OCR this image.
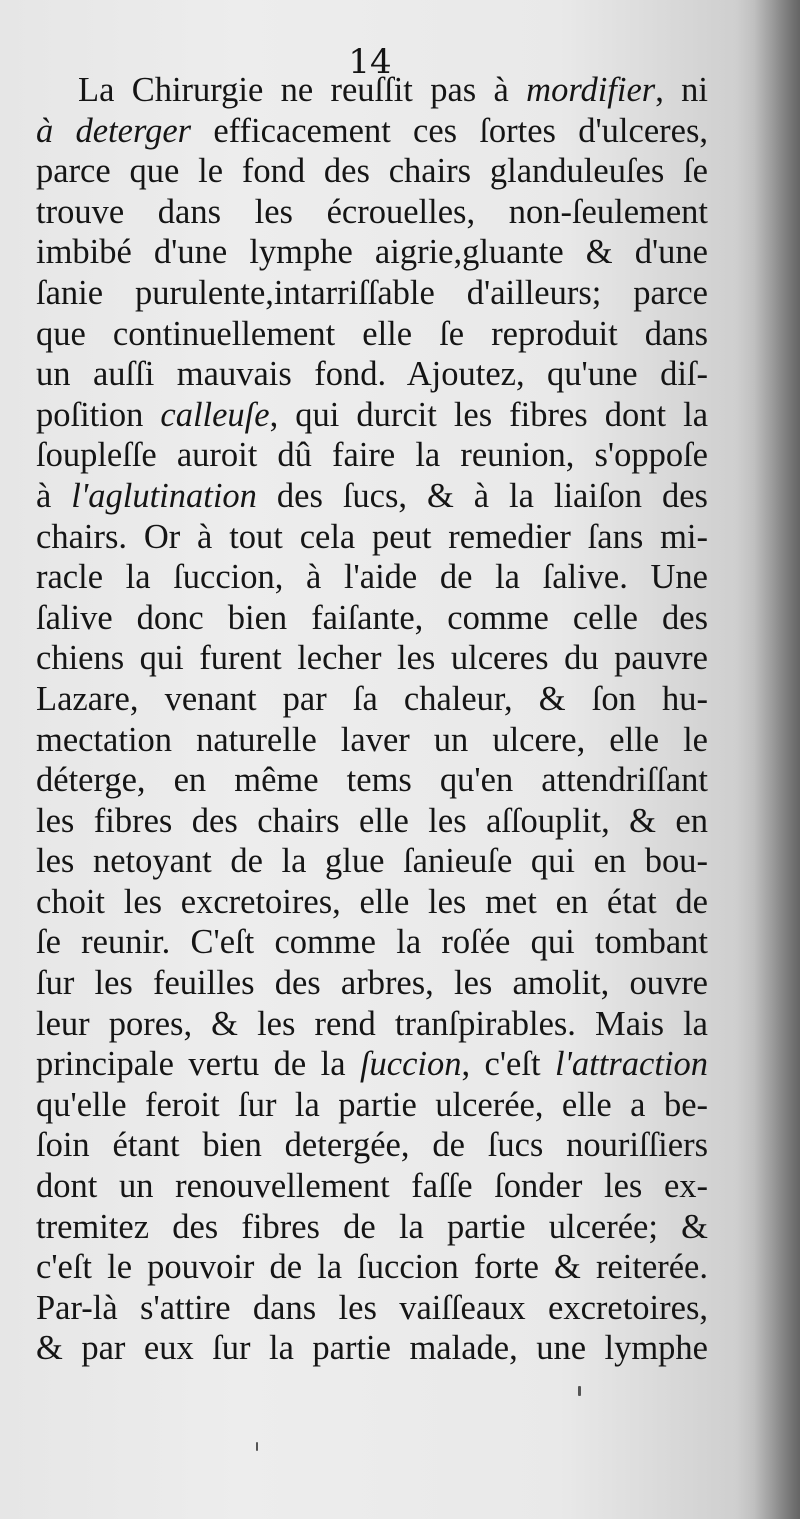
14
La Chirurgie ne reuſſit pas à mordifier, ni
à deterger efficacement ces ſortes d'ulceres,
parce que le fond des chairs glanduleuſes ſe
trouve dans les écrouelles, non-ſeulement
imbibé d'une lymphe aigrie,gluante & d'une
ſanie purulente,intarriſſable d'ailleurs; parce
que continuellement elle ſe reproduit dans
un auſſi mauvais fond. Ajoutez, qu'une diſ-
poſition calleuſe, qui durcit les fibres dont la
ſoupleſſe auroit dû faire la reunion, s'oppoſe
à l'aglutination des ſucs, & à la liaiſon des
chairs. Or à tout cela peut remedier ſans mi-
racle la ſuccion, à l'aide de la ſalive. Une
ſalive donc bien faiſante, comme celle des
chiens qui furent lecher les ulceres du pauvre
Lazare, venant par ſa chaleur, & ſon hu-
mectation naturelle laver un ulcere, elle le
déterge, en même tems qu'en attendriſſant
les fibres des chairs elle les aſſouplit, & en
les netoyant de la glue ſanieuſe qui en bou-
choit les excretoires, elle les met en état de
ſe reunir. C'eſt comme la roſée qui tombant
ſur les feuilles des arbres, les amolit, ouvre
leur pores, & les rend tranſpirables. Mais la
principale vertu de la ſuccion, c'eſt l'attraction
qu'elle feroit ſur la partie ulcerée, elle a be-
ſoin étant bien detergée, de ſucs nouriſſiers
dont un renouvellement faſſe ſonder les ex-
tremitez des fibres de la partie ulcerée; &
c'eſt le pouvoir de la ſuccion forte & reiterée.
Par-là s'attire dans les vaiſſeaux excretoires,
& par eux ſur la partie malade, une lymphe
